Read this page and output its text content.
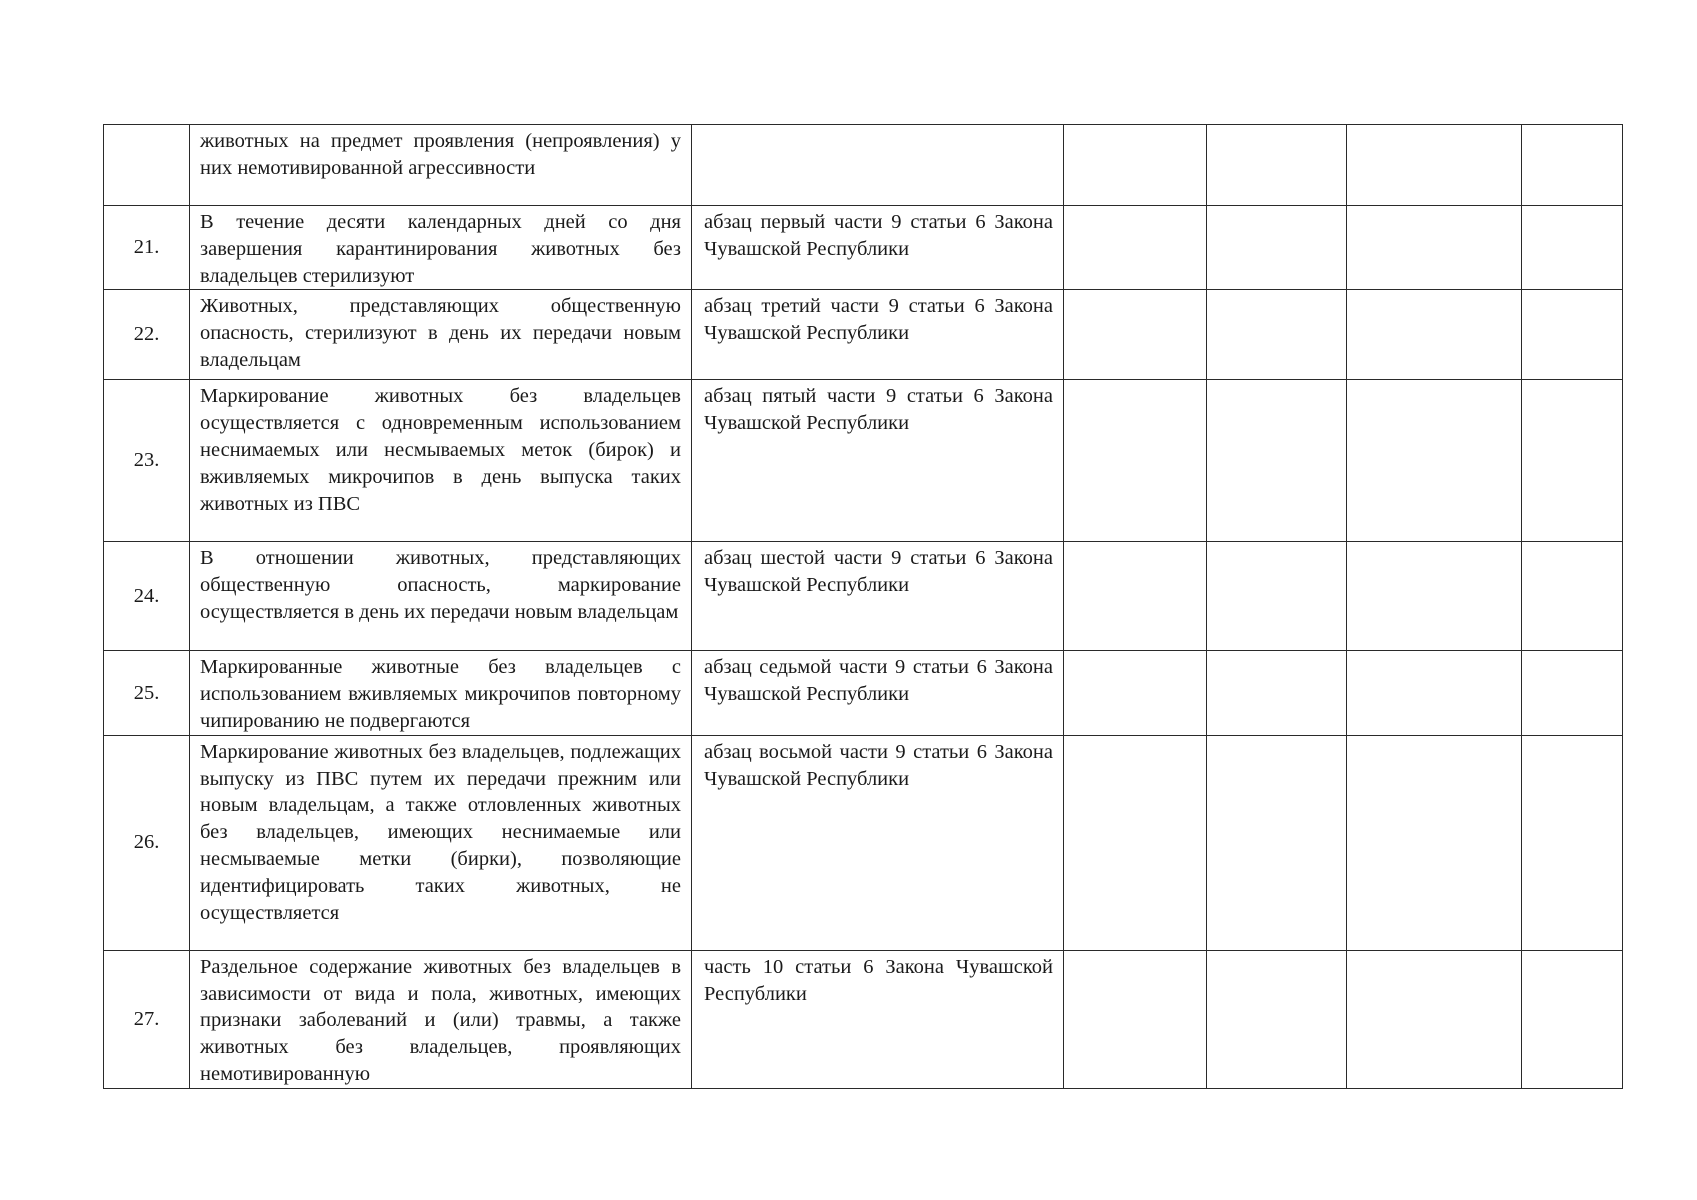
	животных на предмет проявления (непроявления) у них немотивированной агрессивности					
21.	В течение десяти календарных дней со дня завершения карантинирования животных без владельцев стерилизуют	абзац первый части 9 статьи 6 Закона Чувашской Республики				
22.	Животных, представляющих общественную опасность, стерилизуют в день их передачи новым владельцам	абзац третий части 9 статьи 6 Закона Чувашской Республики				
23.	Маркирование животных без владельцев осуществляется с одновременным использованием неснимаемых или несмываемых меток (бирок) и вживляемых микрочипов в день выпуска таких животных из ПВС	абзац пятый части 9 статьи 6 Закона Чувашской Республики				
24.	В отношении животных, представляющих общественную опасность, маркирование осуществляется в день их передачи новым владельцам	абзац шестой части 9 статьи 6 Закона Чувашской Республики				
25.	Маркированные животные без владельцев с использованием вживляемых микрочипов повторному чипированию не подвергаются	абзац седьмой части 9 статьи 6 Закона Чувашской Республики				
26.	Маркирование животных без владельцев, подлежащих выпуску из ПВС путем их передачи прежним или новым владельцам, а также отловленных животных без владельцев, имеющих неснимаемые или несмываемые метки (бирки), позволяющие идентифицировать таких животных, не осуществляется	абзац восьмой части 9 статьи 6 Закона Чувашской Республики				
27.	Раздельное содержание животных без владельцев в зависимости от вида и пола, животных, имеющих признаки заболеваний и (или) травмы, а также животных без владельцев, проявляющих немотивированную	часть 10 статьи 6 Закона Чувашской Республики				
